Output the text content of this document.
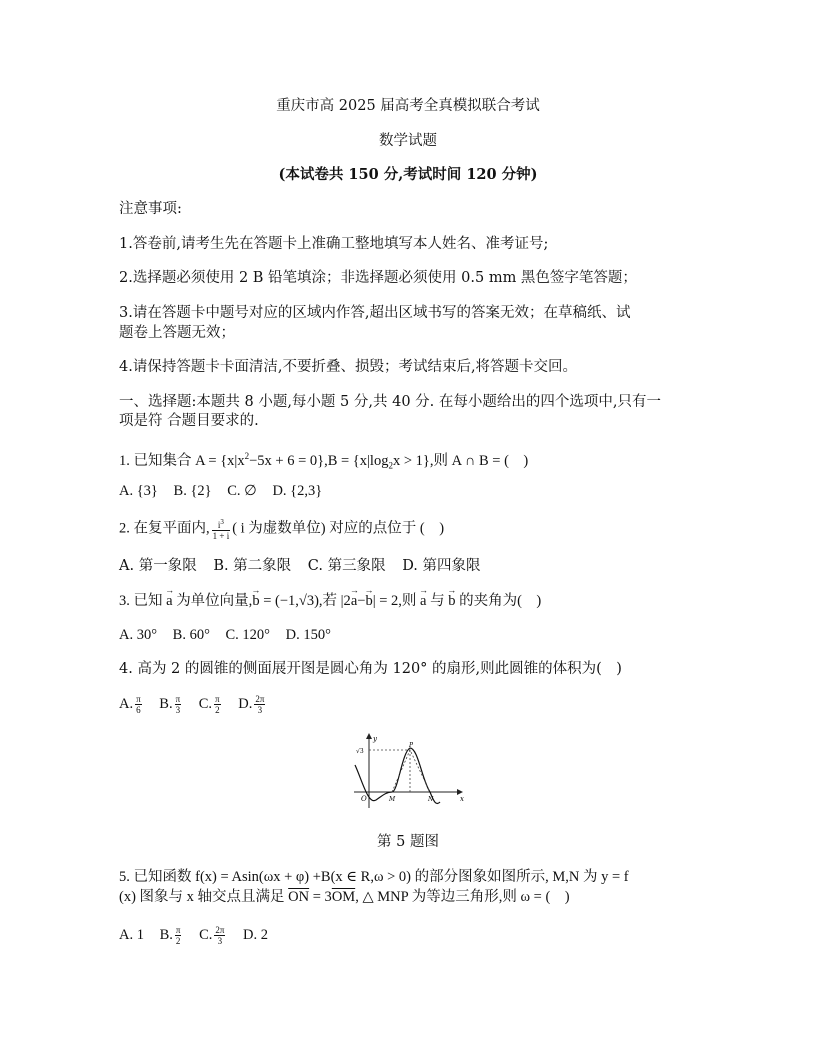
重庆市高 2025 届高考全真模拟联合考试
数学试题
(本试卷共 150 分,考试时间 120 分钟)
注意事项:
1.答卷前,请考生先在答题卡上准确工整地填写本人姓名、准考证号;
2.选择题必须使用 2 B 铅笔填涂；非选择题必须使用 0.5 mm 黑色签字笔答题；
3.请在答题卡中题号对应的区域内作答,超出区域书写的答案无效；在草稿纸、试
题卷上答题无效；
4.请保持答题卡卡面清洁,不要折叠、损毁；考试结束后,将答题卡交回。
一、选择题:本题共 8 小题,每小题 5 分,共 40 分. 在每小题给出的四个选项中,只有一
项是符 合题目要求的.
1. 已知集合 $A = \{x|x^2-5x + 6 = 0\},B = \{x|\log_2x > 1\}$,则 A ∩ B = (　)
A. {3} B. {2} C. ∅ D. {2,3}
2. 在复平面内, $\frac{i^3}{1 + i}$ ( i 为虚数单位) 对应的点位于 (　)
A. 第一象限 B. 第二象限 C. 第三象限 D. 第四象限
3. 已知 → a 为单位向量,→ b = (−1,√3),若 |2→ a−→ b| = 2,则 → a 与 → b 的夹角为(　)
A. 30° B. 60° C. 120° D. 150°
4. 高为 2 的圆锥的侧面展开图是圆心角为 120° 的扇形,则此圆锥的体积为(　)
A. $\frac{\pi}{6} B$. $\frac{\pi}{3} C$. $\frac{\pi}{2} D$. $\frac{2\pi}{3}$
y
x
O
√3
M	N
P
第 5 题图
5. 已知函数 f(x) = Asin(ωx + φ) +B(x ∈ R,ω > 0) 的部分图象如图所示, M,N 为 y = f
(x) 图象与 x 轴交点且满足 $\overline{ON} = 3\overline{OM}$, △ MNP 为等边三角形,则 ω = (　)
A. 1 B. $\frac{\pi}{2} C$. $\frac{2\pi}{3} D$. 2
